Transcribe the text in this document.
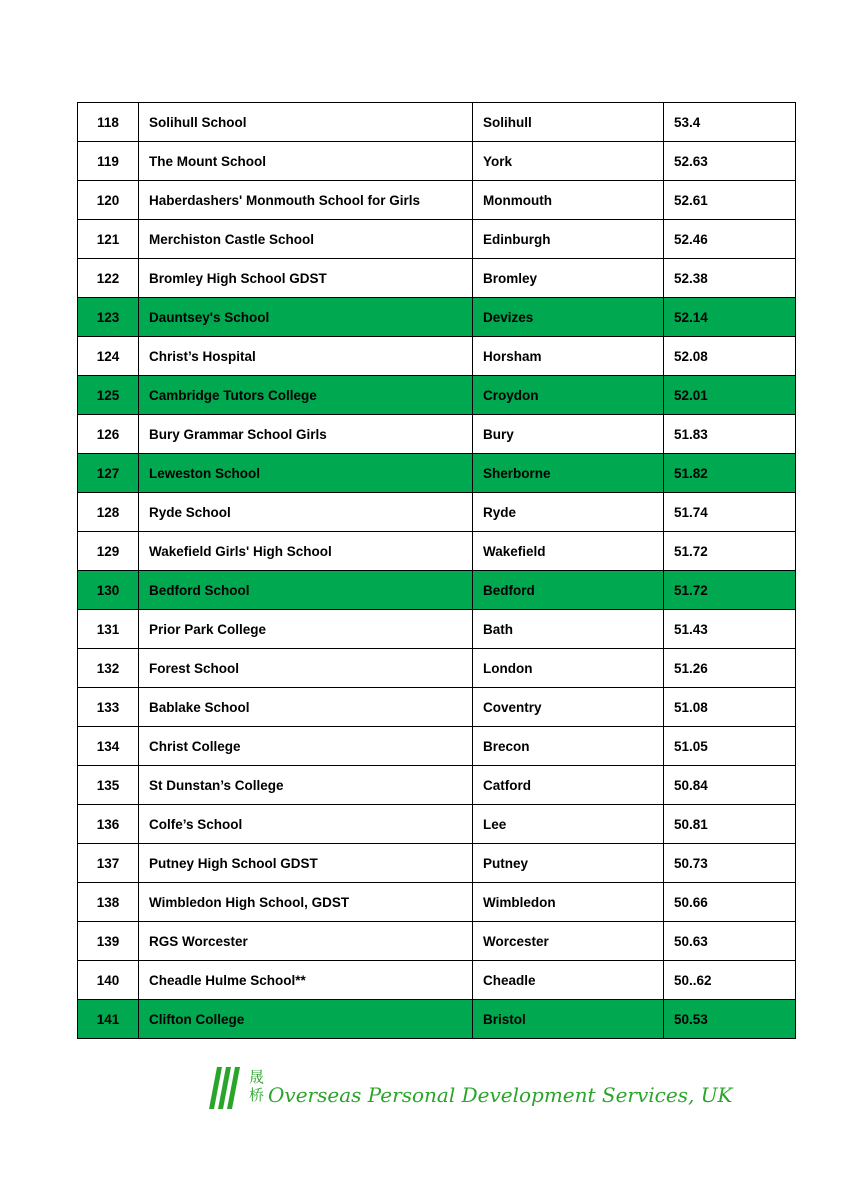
118	Solihull School	Solihull	53.4
119	The Mount School	York	52.63
120	Haberdashers' Monmouth School for Girls	Monmouth	52.61
121	Merchiston Castle School	Edinburgh	52.46
122	Bromley High School GDST	Bromley	52.38
123	Dauntsey's School	Devizes	52.14
124	Christ’s Hospital	Horsham	52.08
125	Cambridge Tutors College	Croydon	52.01
126	Bury Grammar School Girls	Bury	51.83
127	Leweston School	Sherborne	51.82
128	Ryde School	Ryde	51.74
129	Wakefield Girls' High School	Wakefield	51.72
130	Bedford School	Bedford	51.72
131	Prior Park College	Bath	51.43
132	Forest School	London	51.26
133	Bablake School	Coventry	51.08
134	Christ College	Brecon	51.05
135	St Dunstan’s College	Catford	50.84
136	Colfe’s School	Lee	50.81
137	Putney High School GDST	Putney	50.73
138	Wimbledon High School, GDST	Wimbledon	50.66
139	RGS Worcester	Worcester	50.63
140	Cheadle Hulme School**	Cheadle	50..62
141	Clifton College	Bristol	50.53
晟
桥 Overseas Personal Development Services, UK
